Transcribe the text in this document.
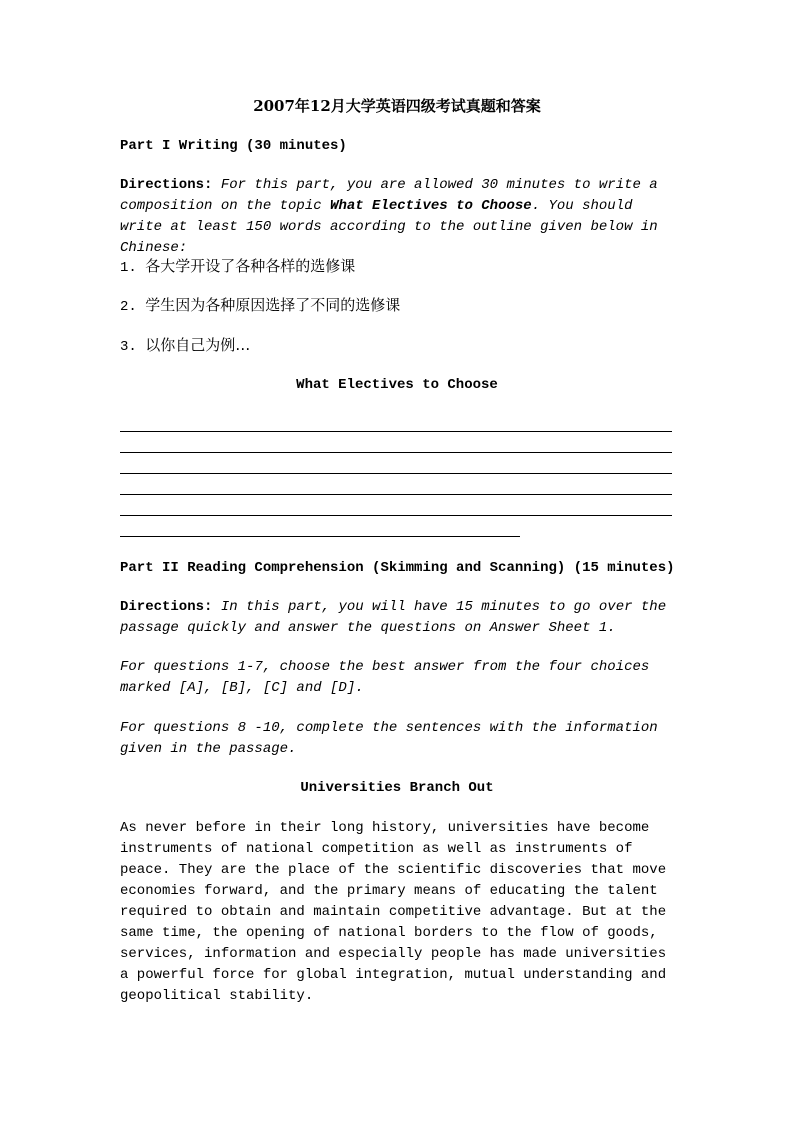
2007年12月大学英语四级考试真题和答案

Part I Writing (30 minutes)

Directions: For this part, you are allowed 30 minutes to write a composition on the topic What Electives to Choose. You should write at least 150 words according to the outline given below in Chinese:

1. 各大学开设了各种各样的选修课

2. 学生因为各种原因选择了不同的选修课

3. 以你自己为例…

What Electives to Choose

Part II Reading Comprehension (Skimming and Scanning) (15 minutes)

Directions: In this part, you will have 15 minutes to go over the passage quickly and answer the questions on Answer Sheet 1.

For questions 1-7, choose the best answer from the four choices marked [A], [B], [C] and [D].

For questions 8 -10, complete the sentences with the information given in the passage.

Universities Branch Out

As never before in their long history, universities have become instruments of national competition as well as instruments of peace. They are the place of the scientific discoveries that move economies forward, and the primary means of educating the talent required to obtain and maintain competitive advantage. But at the same time, the opening of national borders to the flow of goods, services, information and especially people has made universities a powerful force for global integration, mutual understanding and geopolitical stability.
